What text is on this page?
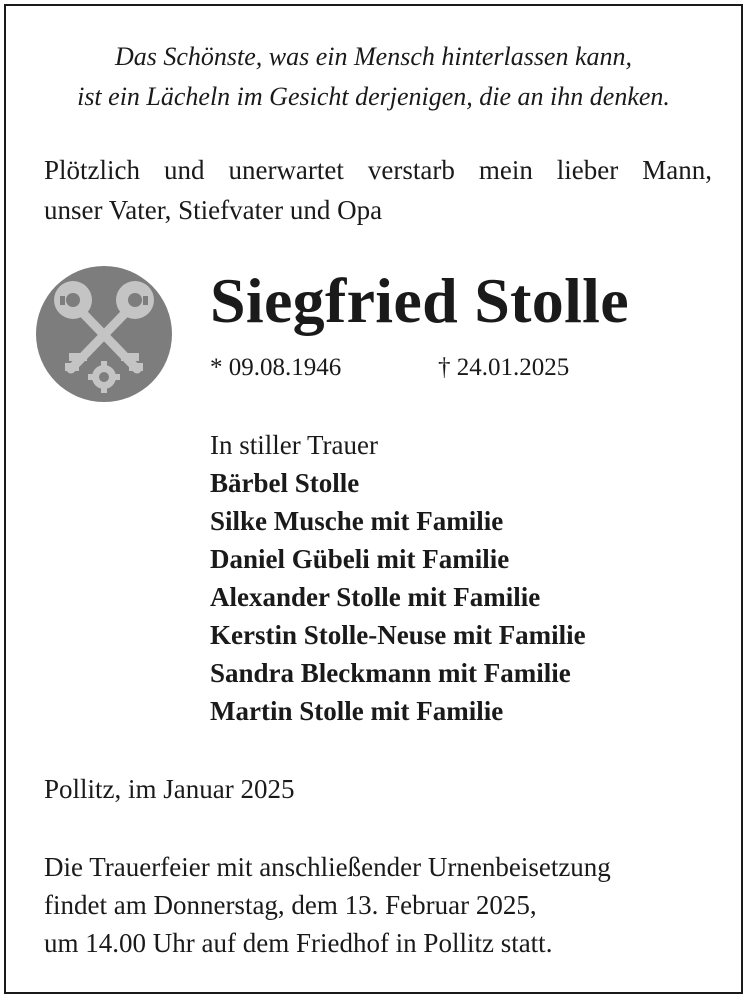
Das Schönste, was ein Mensch hinterlassen kann,
ist ein Lächeln im Gesicht derjenigen, die an ihn denken.
Plötzlich und unerwartet verstarb mein lieber Mann,
unser Vater, Stiefvater und Opa
Siegfried Stolle
* 09.08.1946	† 24.01.2025
In stiller Trauer
Bärbel Stolle
Silke Musche mit Familie
Daniel Gübeli mit Familie
Alexander Stolle mit Familie
Kerstin Stolle-Neuse mit Familie
Sandra Bleckmann mit Familie
Martin Stolle mit Familie
Pollitz, im Januar 2025
Die Trauerfeier mit anschließender Urnenbeisetzung
findet am Donnerstag, dem 13. Februar 2025,
um 14.00 Uhr auf dem Friedhof in Pollitz statt.
